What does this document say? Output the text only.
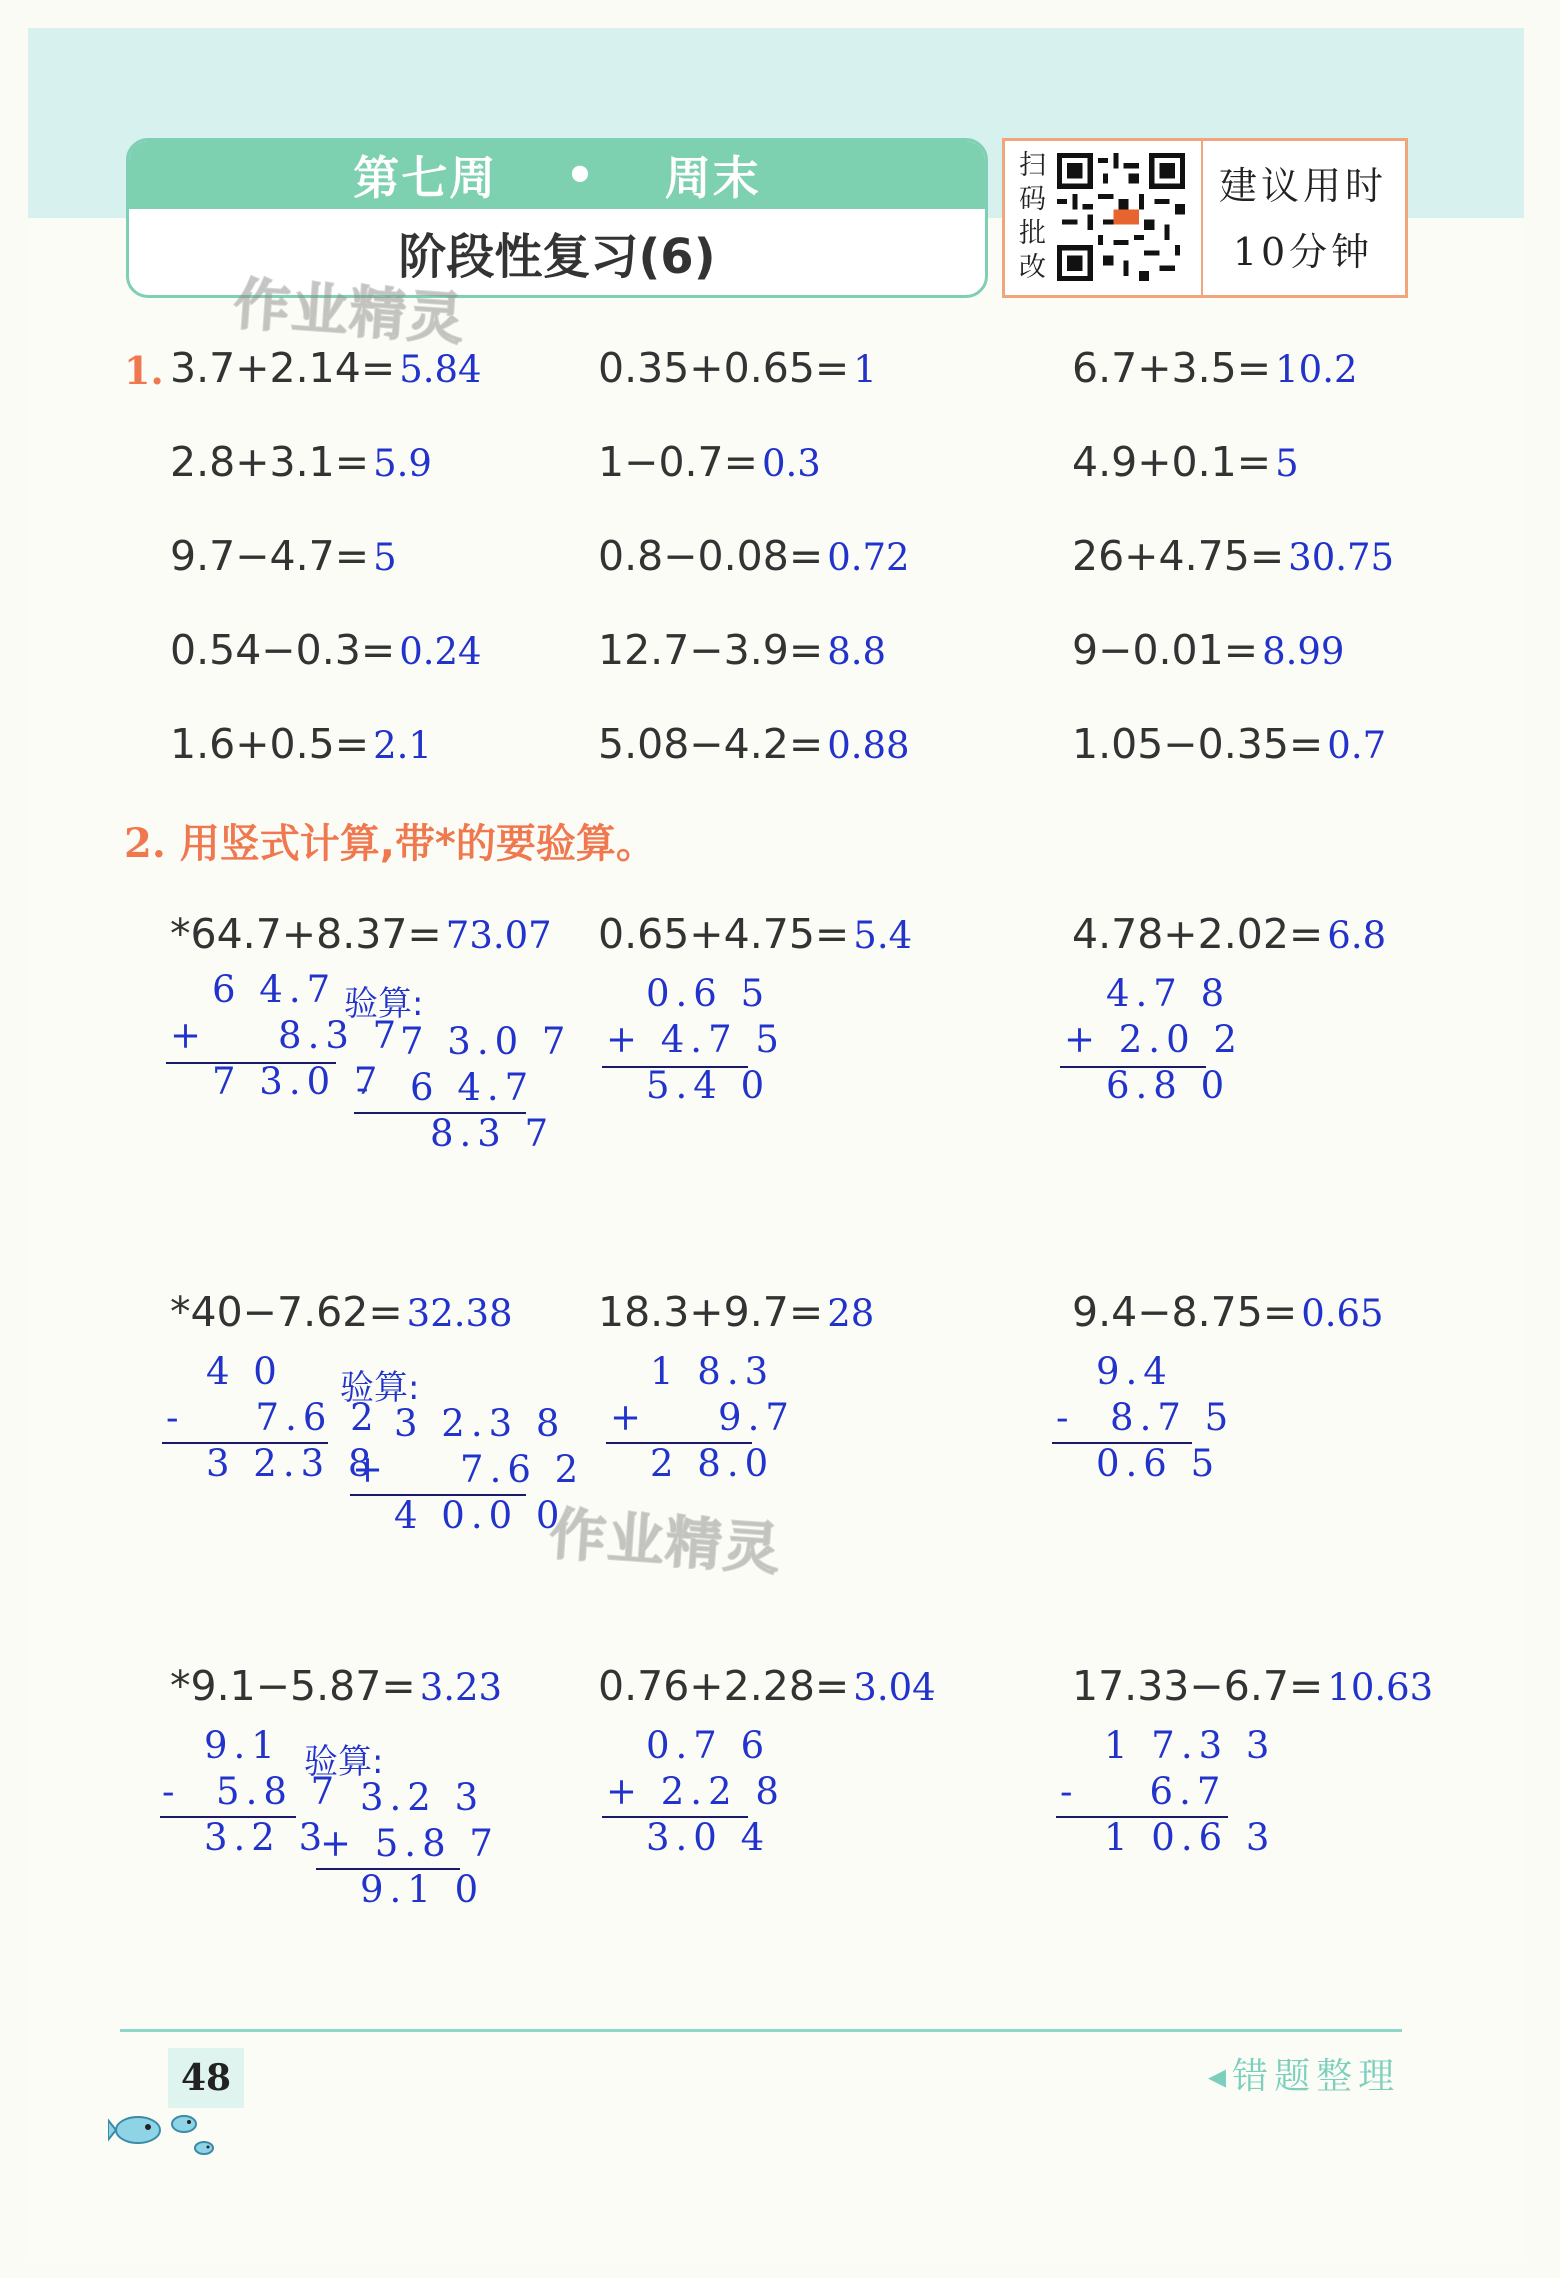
第七周 • 周末
阶段性复习(6)
扫码批改
建议用时
10分钟
作业精灵
作业精灵
1. 3.7+2.14= 5.84	0.35+0.65= 1	6.7+3.5= 10.2
2.8+3.1= 5.9	1−0.7= 0.3	4.9+0.1= 5
9.7−4.7= 5	0.8−0.08= 0.72	26+4.75= 30.75
0.54−0.3= 0.24	12.7−3.9= 8.8	9−0.01= 8.99
1.6+0.5= 2.1	5.08−4.2= 0.88	1.05−0.35= 0.7
2. 用竖式计算,带*的要验算。
*64.7+8.37= 73.07 0.65+4.75= 5.4	4.78+2.02= 6.8
6 4.7
+    8.3 7
7 3.0 7
验算:
7 3.0 7
-  6 4.7
8.3 7
0.6 5
+ 4.7 5
5.4 0
4.7 8
+ 2.0 2
6.8 0
*40−7.62= 32.38 18.3+9.7= 28	9.4−8.75= 0.65
4 0
-    7.6 2
3 2.3 8
验算:
3 2.3 8
+    7.6 2
4 0.0 0
1 8.3
+    9.7
2 8.0
9.4
-  8.7 5
0.6 5
*9.1−5.87= 3.23 0.76+2.28= 3.04	17.33−6.7= 10.63
9.1
-  5.8 7
3.2 3
验算:
3.2 3
+ 5.8 7
9.1 0
0.7 6
+ 2.2 8
3.0 4
1 7.3 3
-    6.7
1 0.6 3
48	◂错题整理
